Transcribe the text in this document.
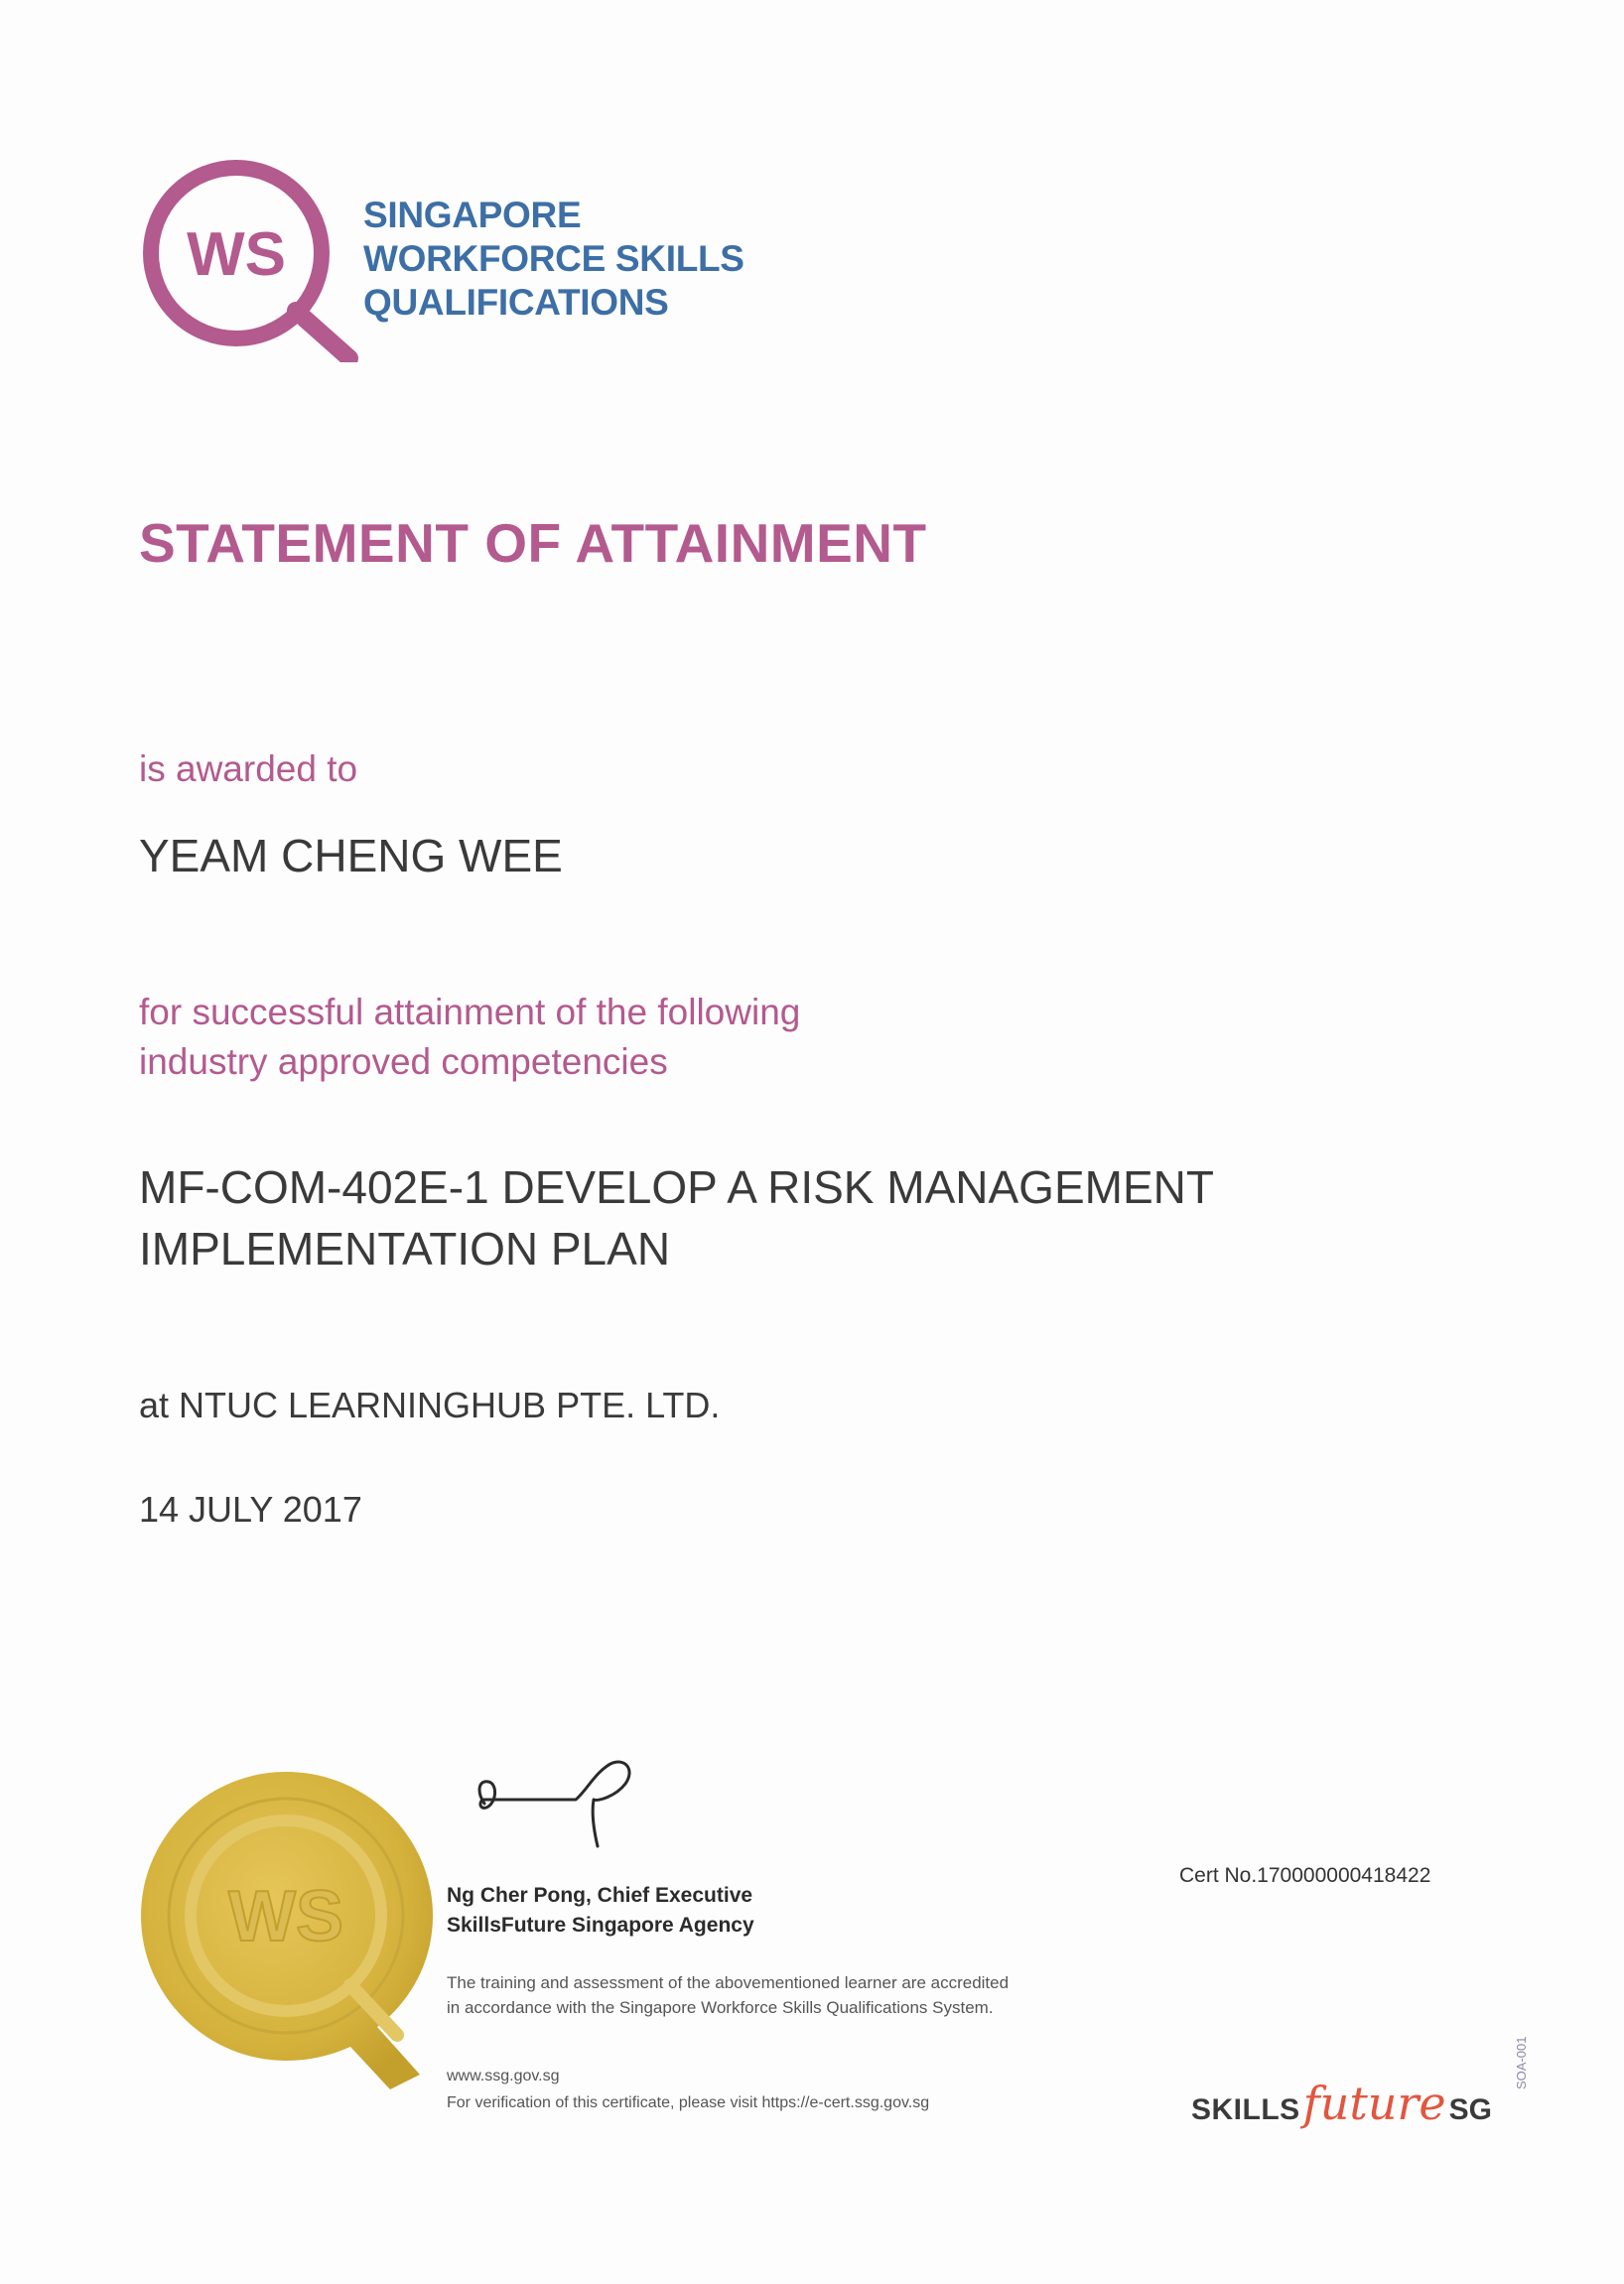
WS
SINGAPORE
WORKFORCE SKILLS
QUALIFICATIONS
STATEMENT OF ATTAINMENT
is awarded to
YEAM CHENG WEE
for successful attainment of the following
industry approved competencies
MF-COM-402E-1 DEVELOP A RISK MANAGEMENT
IMPLEMENTATION PLAN
at NTUC LEARNINGHUB PTE. LTD.
14 JULY 2017
WS	Ng Cher Pong, Chief Executive
SkillsFuture Singapore Agency
The training and assessment of the abovementioned learner are accredited
in accordance with the Singapore Workforce Skills Qualifications System.
www.ssg.gov.sg
For verification of this certificate, please visit https://e-cert.ssg.gov.sg
Cert No.170000000418422
SKILLS future SG
SOA-001
